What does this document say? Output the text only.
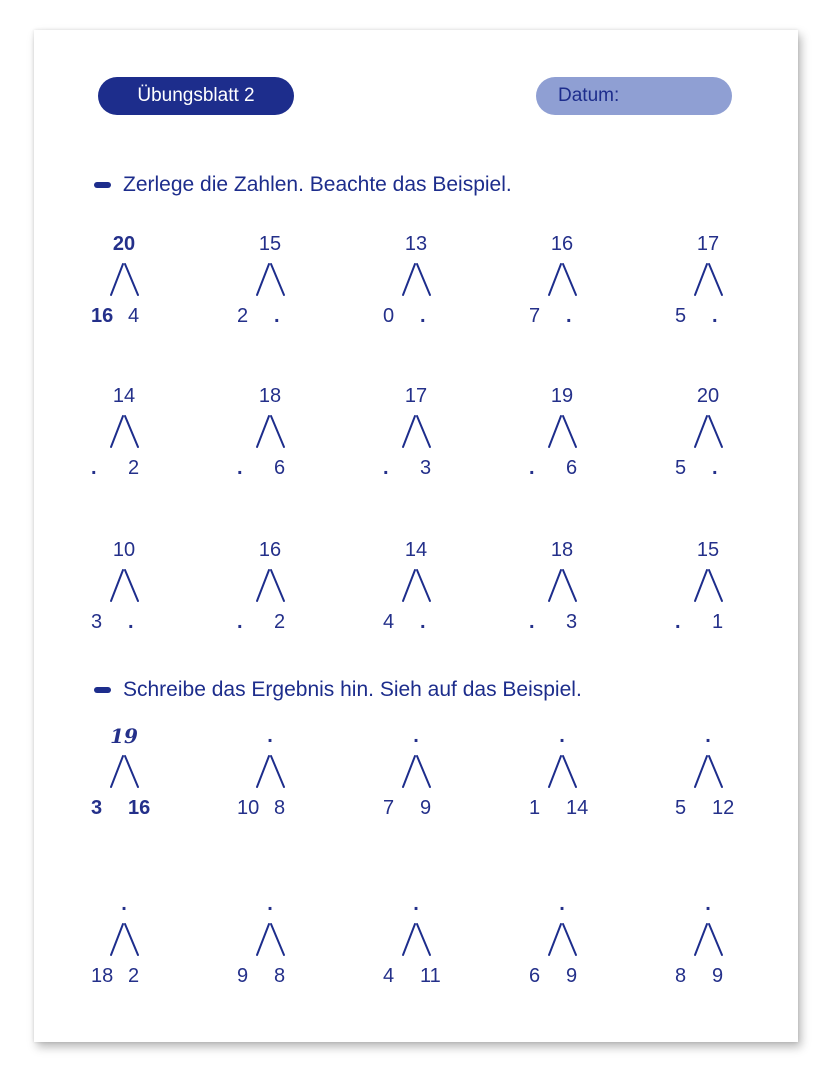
Übungsblatt 2	Datum:
Zerlege die Zahlen. Beachte das Beispiel.
Schreibe das Ergebnis hin. Sieh auf das Beispiel.
20
16 4
15
2	.
13
0	.
16
7	.
17
5	.
14
.	2
18
.	6
17
.	3
19
.	6
20
5	.
10
3	.
16
.	2
14
4	.
18
.	3
15
.	1
19
3	16
.
10 8
.
7	9
.
1	14
.
5	12
.
18 2
.
9	8
.
4	11
.
6	9
.
8	9
